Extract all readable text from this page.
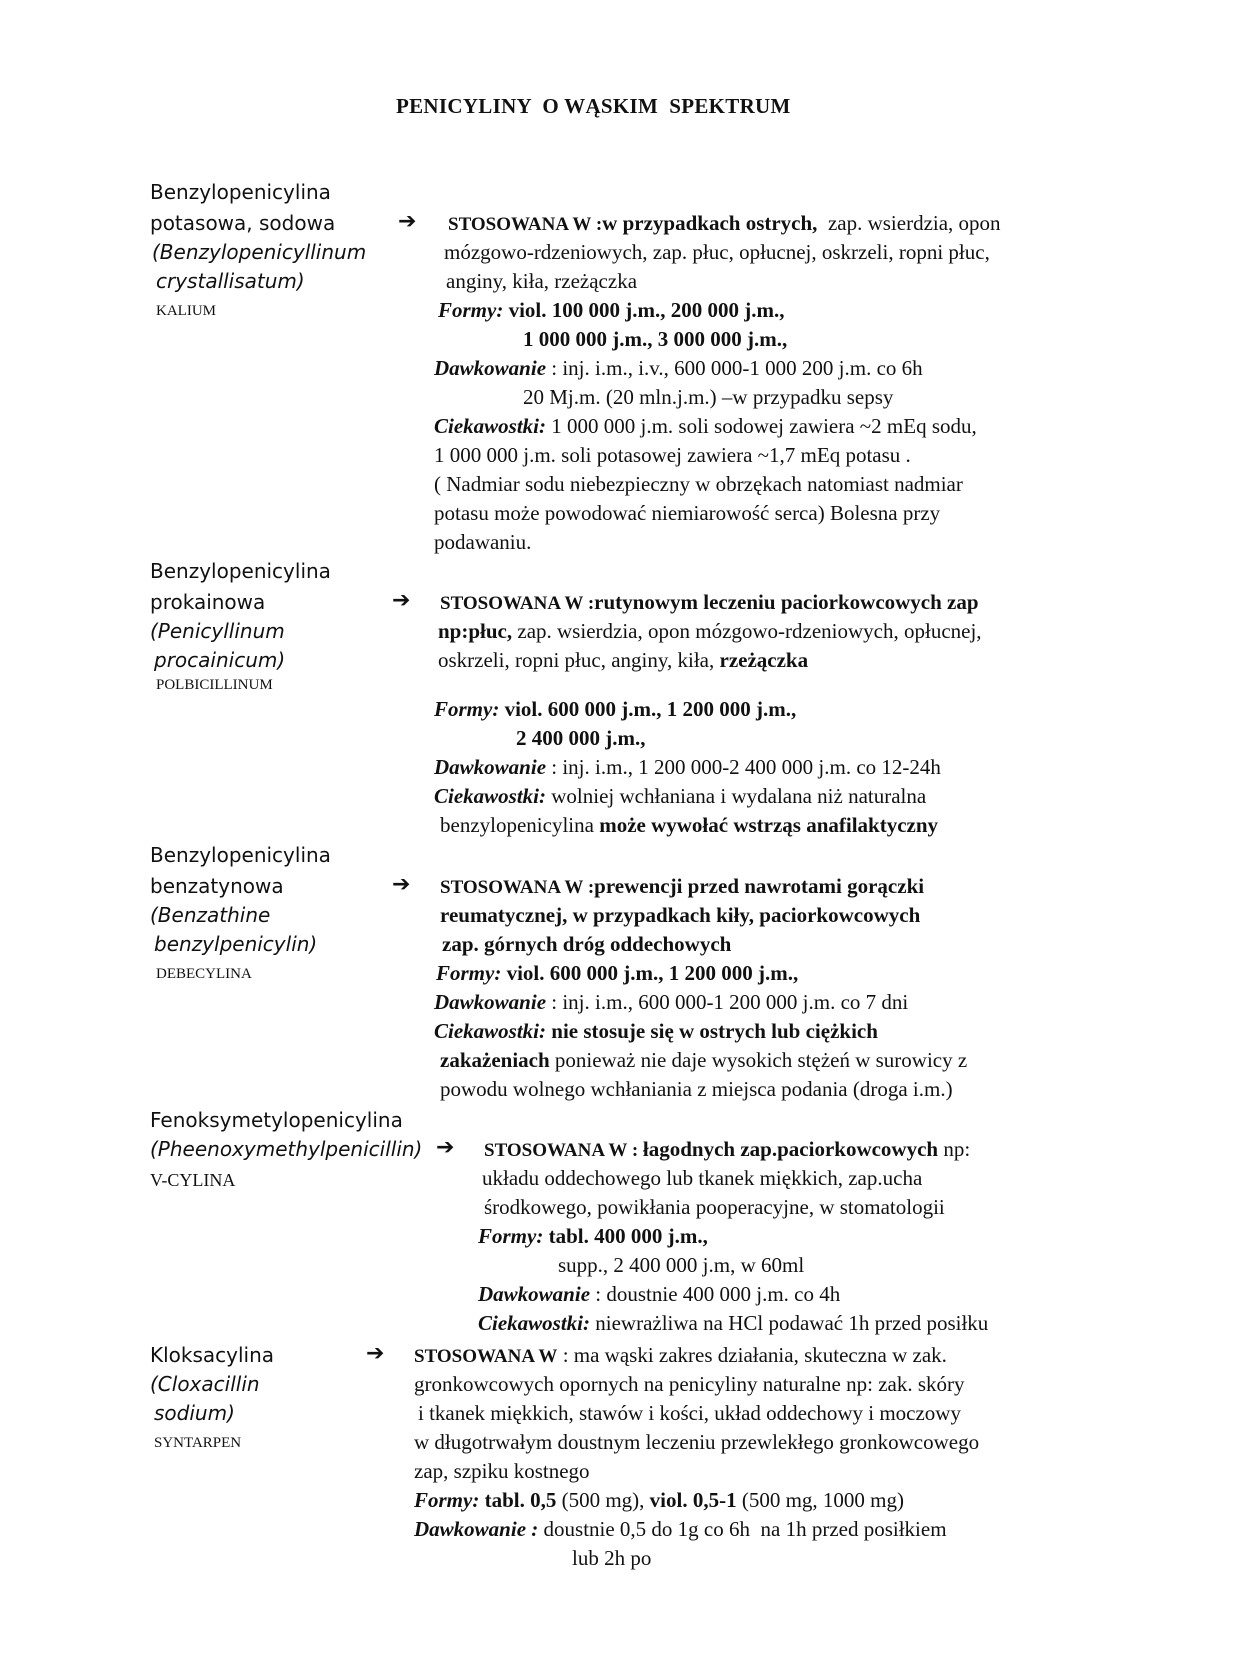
PENICYLINY  O WĄSKIM  SPEKTRUM
Benzylopenicylina
potasowa, sodowa	➔
(Benzylopenicyllinum
crystallisatum)
KALIUM
STOSOWANA W :w przypadkach ostrych,  zap. wsierdzia, opon
mózgowo-rdzeniowych, zap. płuc, opłucnej, oskrzeli, ropni płuc,
anginy, kiła, rzeżączka
Formy: viol. 100 000 j.m., 200 000 j.m.,
1 000 000 j.m., 3 000 000 j.m.,
Dawkowanie : inj. i.m., i.v., 600 000-1 000 200 j.m. co 6h
20 Mj.m. (20 mln.j.m.) –w przypadku sepsy
Ciekawostki: 1 000 000 j.m. soli sodowej zawiera ~2 mEq sodu,
1 000 000 j.m. soli potasowej zawiera ~1,7 mEq potasu .
( Nadmiar sodu niebezpieczny w obrzękach natomiast nadmiar
potasu może powodować niemiarowość serca) Bolesna przy
podawaniu.
Benzylopenicylina
prokainowa	➔
(Penicyllinum
procainicum)
POLBICILLINUM
STOSOWANA W :rutynowym leczeniu paciorkowcowych zap
np:płuc, zap. wsierdzia, opon mózgowo-rdzeniowych, opłucnej,
oskrzeli, ropni płuc, anginy, kiła, rzeżączka
Formy: viol. 600 000 j.m., 1 200 000 j.m.,
2 400 000 j.m.,
Dawkowanie : inj. i.m., 1 200 000-2 400 000 j.m. co 12-24h
Ciekawostki: wolniej wchłaniana i wydalana niż naturalna
benzylopenicylina może wywołać wstrząs anafilaktyczny
Benzylopenicylina
benzatynowa	➔
(Benzathine
benzylpenicylin)
DEBECYLINA
STOSOWANA W :prewencji przed nawrotami gorączki
reumatycznej, w przypadkach kiły, paciorkowcowych
zap. górnych dróg oddechowych
Formy: viol. 600 000 j.m., 1 200 000 j.m.,
Dawkowanie : inj. i.m., 600 000-1 200 000 j.m. co 7 dni
Ciekawostki: nie stosuje się w ostrych lub ciężkich
zakażeniach ponieważ nie daje wysokich stężeń w surowicy z
powodu wolnego wchłaniania z miejsca podania (droga i.m.)
Fenoksymetylopenicylina
(Pheenoxymethylpenicillin) ➔
V-CYLINA
STOSOWANA W : łagodnych zap.paciorkowcowych np:
układu oddechowego lub tkanek miękkich, zap.ucha
środkowego, powikłania pooperacyjne, w stomatologii
Formy: tabl. 400 000 j.m.,
supp., 2 400 000 j.m, w 60ml
Dawkowanie : doustnie 400 000 j.m. co 4h
Ciekawostki: niewrażliwa na HCl podawać 1h przed posiłku
Kloksacylina	➔
(Cloxacillin
sodium)
SYNTARPEN
STOSOWANA W : ma wąski zakres działania, skuteczna w zak.
gronkowcowych opornych na penicyliny naturalne np: zak. skóry
i tkanek miękkich, stawów i kości, układ oddechowy i moczowy
w długotrwałym doustnym leczeniu przewlekłego gronkowcowego
zap, szpiku kostnego
Formy: tabl. 0,5 (500 mg), viol. 0,5-1 (500 mg, 1000 mg)
Dawkowanie : doustnie 0,5 do 1g co 6h  na 1h przed posiłkiem
lub 2h po
